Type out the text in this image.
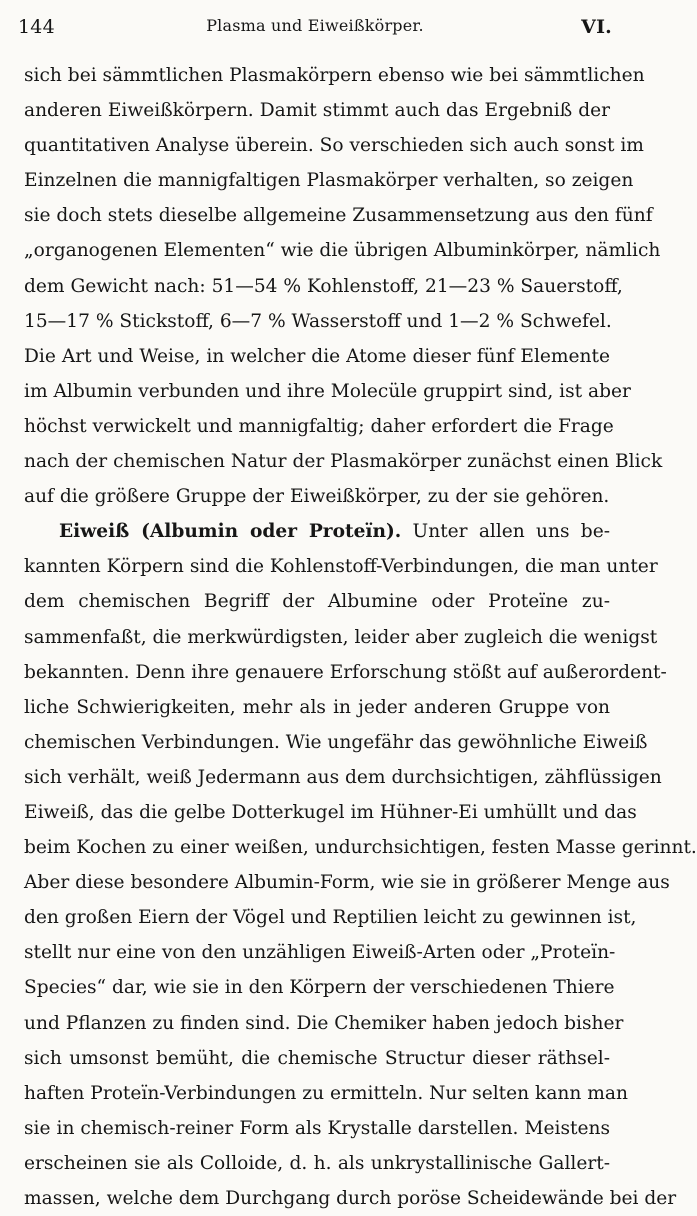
144	Plasma und Eiweißkörper.	VI.
sich bei sämmtlichen Plasmakörpern ebenso wie bei sämmtlichen
anderen Eiweißkörpern. Damit stimmt auch das Ergebniß der
quantitativen Analyse überein. So verschieden sich auch sonst im
Einzelnen die mannigfaltigen Plasmakörper verhalten, so zeigen
sie doch stets dieselbe allgemeine Zusammensetzung aus den fünf
„organogenen Elementen“ wie die übrigen Albuminkörper, nämlich
dem Gewicht nach: 51—54 % Kohlenstoff, 21—23 % Sauerstoff,
15—17 % Stickstoff, 6—7 % Wasserstoff und 1—2 % Schwefel.
Die Art und Weise, in welcher die Atome dieser fünf Elemente
im Albumin verbunden und ihre Molecüle gruppirt sind, ist aber
höchst verwickelt und mannigfaltig; daher erfordert die Frage
nach der chemischen Natur der Plasmakörper zunächst einen Blick
auf die größere Gruppe der Eiweißkörper, zu der sie gehören.
Eiweiß (Albumin oder Proteïn). Unter allen uns be-
kannten Körpern sind die Kohlenstoff-Verbindungen, die man unter
dem chemischen Begriff der Albumine oder Proteïne zu-
sammenfaßt, die merkwürdigsten, leider aber zugleich die wenigst
bekannten. Denn ihre genauere Erforschung stößt auf außerordent-
liche Schwierigkeiten, mehr als in jeder anderen Gruppe von
chemischen Verbindungen. Wie ungefähr das gewöhnliche Eiweiß
sich verhält, weiß Jedermann aus dem durchsichtigen, zähflüssigen
Eiweiß, das die gelbe Dotterkugel im Hühner-Ei umhüllt und das
beim Kochen zu einer weißen, undurchsichtigen, festen Masse gerinnt.
Aber diese besondere Albumin-Form, wie sie in größerer Menge aus
den großen Eiern der Vögel und Reptilien leicht zu gewinnen ist,
stellt nur eine von den unzähligen Eiweiß-Arten oder „Proteïn-
Species“ dar, wie sie in den Körpern der verschiedenen Thiere
und Pflanzen zu finden sind. Die Chemiker haben jedoch bisher
sich umsonst bemüht, die chemische Structur dieser räthsel-
haften Proteïn-Verbindungen zu ermitteln. Nur selten kann man
sie in chemisch-reiner Form als Krystalle darstellen. Meistens
erscheinen sie als Colloide, d. h. als unkrystallinische Gallert-
massen, welche dem Durchgang durch poröse Scheidewände bei der
